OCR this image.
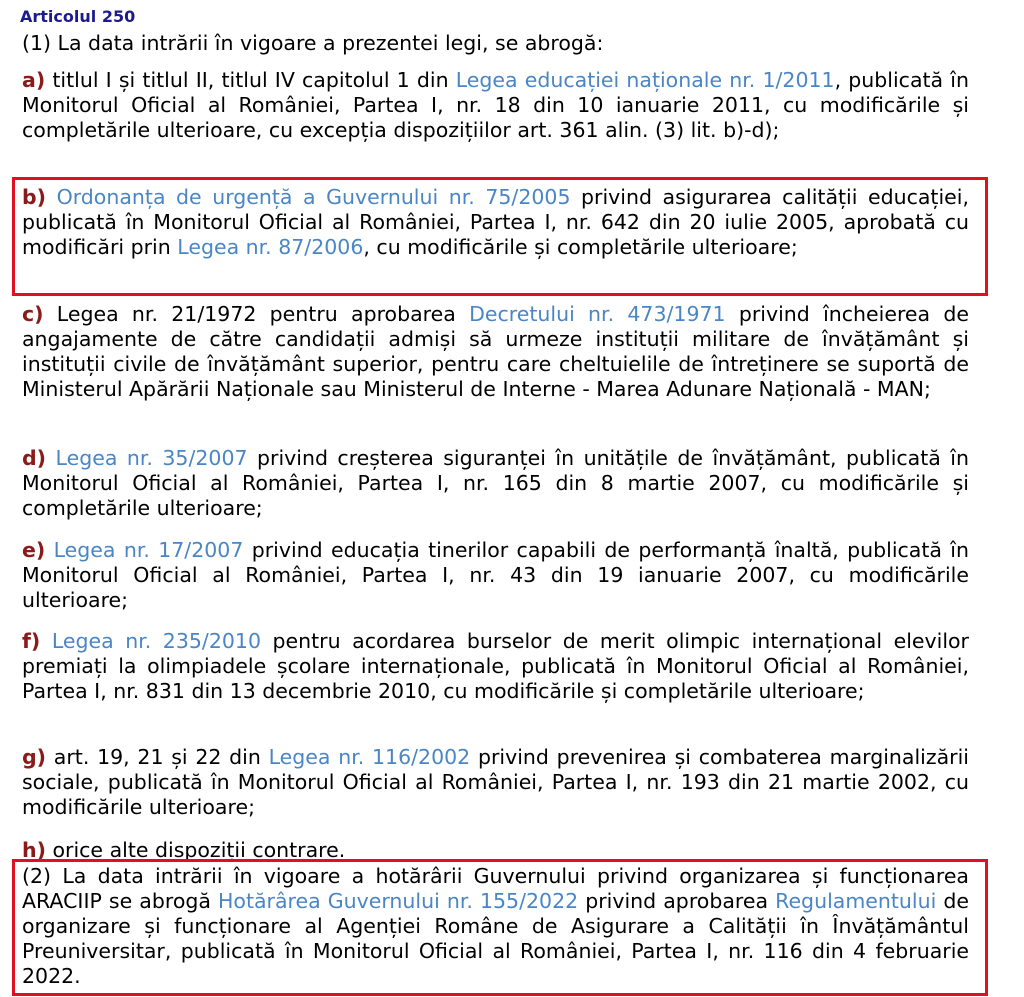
Articolul 250
(1) La data intrării în vigoare a prezentei legi, se abrogă:
a) titlul I și titlul II, titlul IV capitolul 1 din Legea educației naționale nr. 1/2011, publicată în Monitorul Oficial al României, Partea I, nr. 18 din 10 ianuarie 2011, cu modificările și completările ulterioare, cu excepția dispozițiilor art. 361 alin. (3) lit. b)-d);
b) Ordonanța de urgență a Guvernului nr. 75/2005 privind asigurarea calității educației, publicată în Monitorul Oficial al României, Partea I, nr. 642 din 20 iulie 2005, aprobată cu modificări prin Legea nr. 87/2006, cu modificările și completările ulterioare;
c) Legea nr. 21/1972 pentru aprobarea Decretului nr. 473/1971 privind încheierea de angajamente de către candidații admiși să urmeze instituții militare de învățământ și instituții civile de învățământ superior, pentru care cheltuielile de întreținere se suportă de Ministerul Apărării Naționale sau Ministerul de Interne - Marea Adunare Națională - MAN;
d) Legea nr. 35/2007 privind creșterea siguranței în unitățile de învățământ, publicată în Monitorul Oficial al României, Partea I, nr. 165 din 8 martie 2007, cu modificările și completările ulterioare;
e) Legea nr. 17/2007 privind educația tinerilor capabili de performanță înaltă, publicată în Monitorul Oficial al României, Partea I, nr. 43 din 19 ianuarie 2007, cu modificările ulterioare;
f) Legea nr. 235/2010 pentru acordarea burselor de merit olimpic internațional elevilor premiați la olimpiadele școlare internaționale, publicată în Monitorul Oficial al României, Partea I, nr. 831 din 13 decembrie 2010, cu modificările și completările ulterioare;
g) art. 19, 21 și 22 din Legea nr. 116/2002 privind prevenirea și combaterea marginalizării sociale, publicată în Monitorul Oficial al României, Partea I, nr. 193 din 21 martie 2002, cu modificările ulterioare;
h) orice alte dispoziții contrare.
(2) La data intrării în vigoare a hotărârii Guvernului privind organizarea și funcționarea ARACIIP se abrogă Hotărârea Guvernului nr. 155/2022 privind aprobarea Regulamentului de organizare și funcționare al Agenției Române de Asigurare a Calității în Învățământul Preuniversitar, publicată în Monitorul Oficial al României, Partea I, nr. 116 din 4 februarie 2022.
